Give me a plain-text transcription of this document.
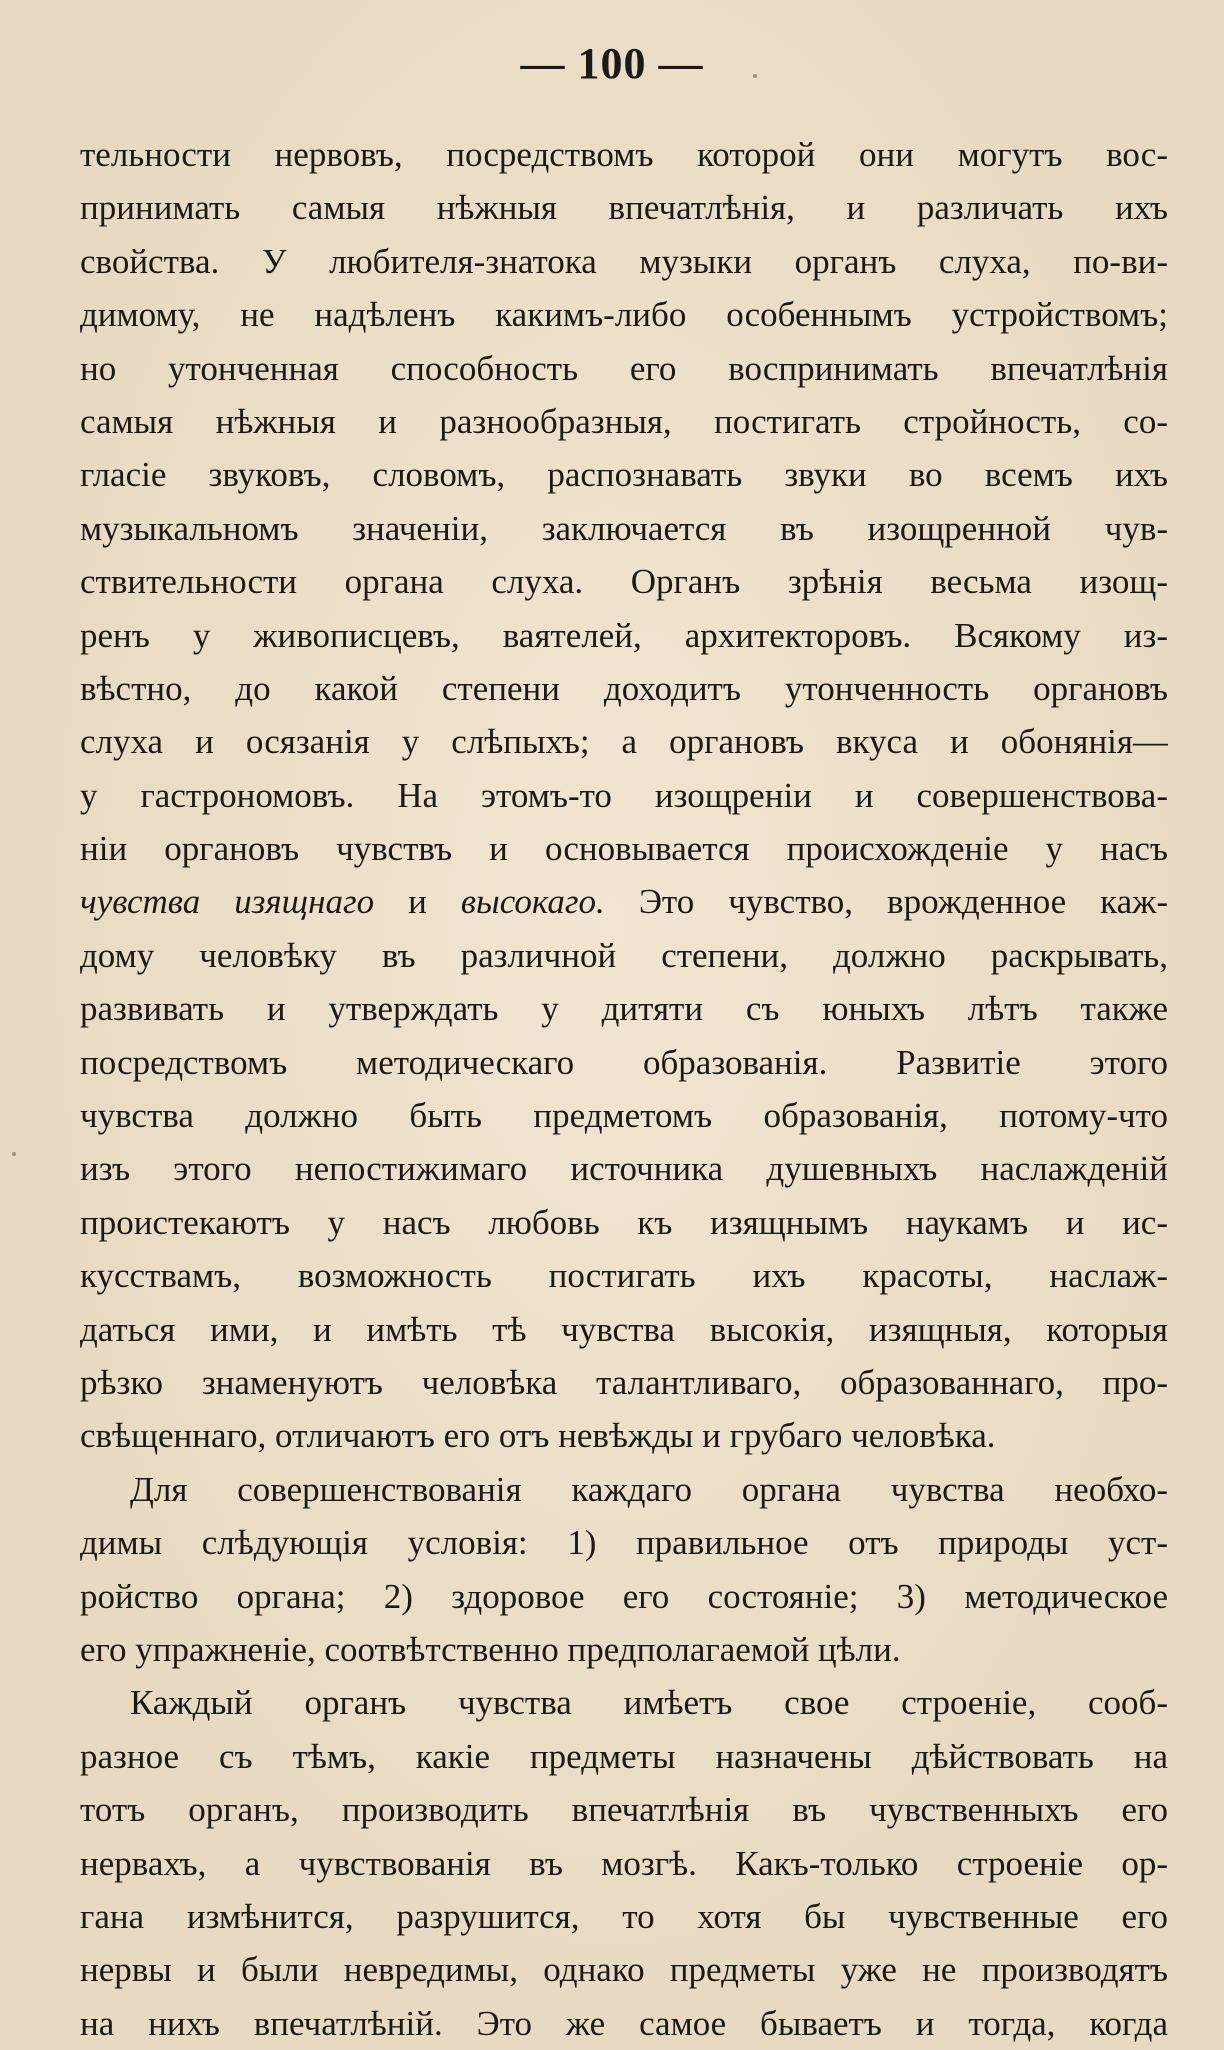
— 100 —
тельности нервовъ, посредствомъ которой они могутъ вос-
принимать самыя нѣжныя впечатлѣнія, и различать ихъ
свойства. У любителя-знатока музыки органъ слуха, по-ви-
димому, не надѣленъ какимъ-либо особеннымъ устройствомъ;
но утонченная способность его воспринимать впечатлѣнія
самыя нѣжныя и разнообразныя, постигать стройность, со-
гласіе звуковъ, словомъ, распознавать звуки во всемъ ихъ
музыкальномъ значеніи, заключается въ изощренной чув-
ствительности органа слуха. Органъ зрѣнія весьма изощ-
ренъ у живописцевъ, ваятелей, архитекторовъ. Всякому из-
вѣстно, до какой степени доходитъ утонченность органовъ
слуха и осязанія у слѣпыхъ; а органовъ вкуса и обонянія—
у гастрономовъ. На этомъ-то изощреніи и совершенствова-
ніи органовъ чувствъ и основывается происхожденіе у насъ
чувства изящнаго и высокаго. Это чувство, врожденное каж-
дому человѣку въ различной степени, должно раскрывать,
развивать и утверждать у дитяти съ юныхъ лѣтъ также
посредствомъ методическаго образованія. Развитіе этого
чувства должно быть предметомъ образованія, потому-что
изъ этого непостижимаго источника душевныхъ наслажденій
проистекаютъ у насъ любовь къ изящнымъ наукамъ и ис-
кусствамъ, возможность постигать ихъ красоты, наслаж-
даться ими, и имѣть тѣ чувства высокія, изящныя, которыя
рѣзко знаменуютъ человѣка талантливаго, образованнаго, про-
свѣщеннаго, отличаютъ его отъ невѣжды и грубаго человѣка.
Для совершенствованія каждаго органа чувства необхо-
димы слѣдующія условія: 1) правильное отъ природы уст-
ройство органа; 2) здоровое его состояніе; 3) методическое
его упражненіе, соотвѣтственно предполагаемой цѣли.
Каждый органъ чувства имѣетъ свое строеніе, сооб-
разное съ тѣмъ, какіе предметы назначены дѣйствовать на
тотъ органъ, производить впечатлѣнія въ чувственныхъ его
нервахъ, а чувствованія въ мозгѣ. Какъ-только строеніе ор-
гана измѣнится, разрушится, то хотя бы чувственные его
нервы и были невредимы, однако предметы уже не производятъ
на нихъ впечатлѣній. Это же самое бываетъ и тогда, когда
